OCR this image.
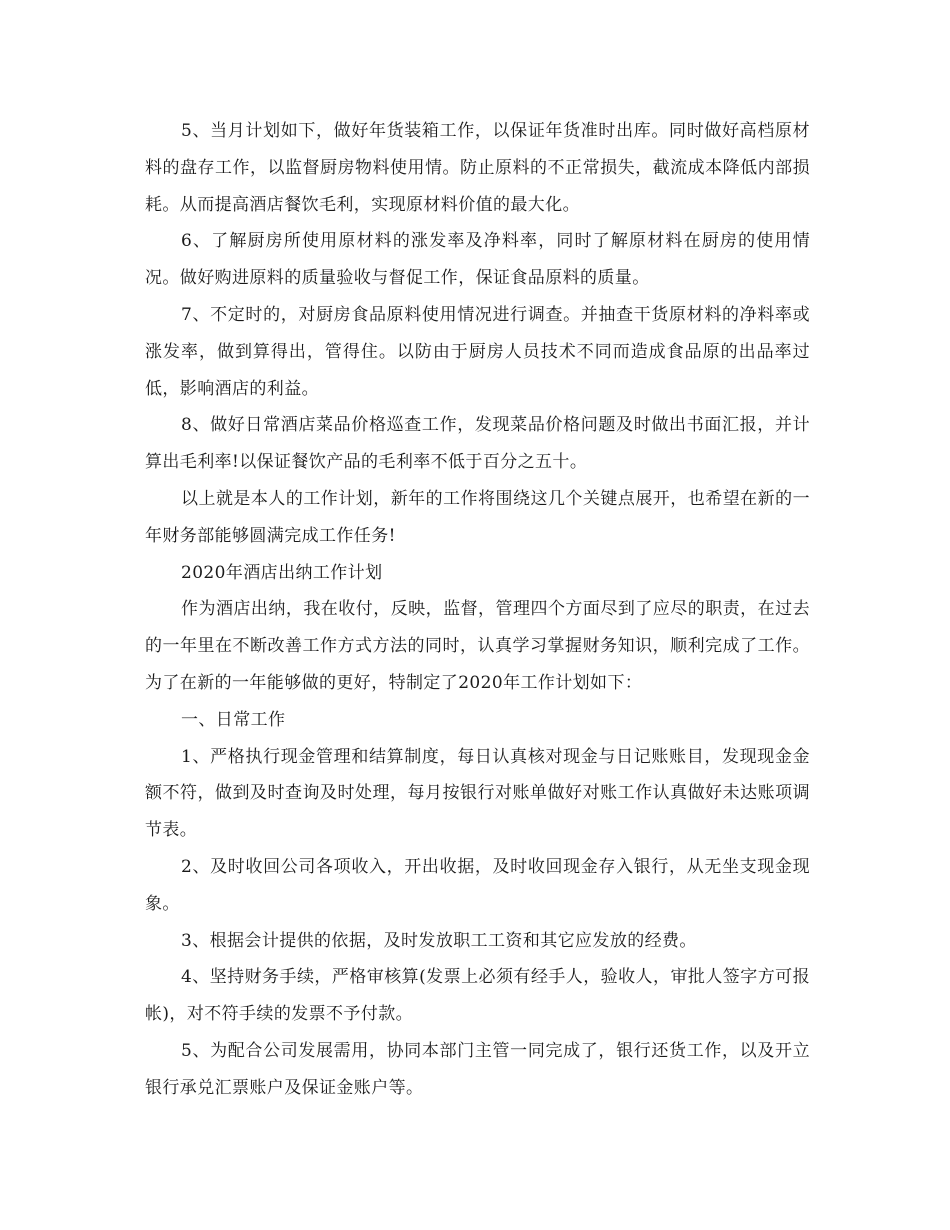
5、当月计划如下，做好年货装箱工作，以保证年货准时出库。同时做好高档原材料的盘存工作，以监督厨房物料使用情。防止原料的不正常损失，截流成本降低内部损耗。从而提高酒店餐饮毛利，实现原材料价值的最大化。

6、了解厨房所使用原材料的涨发率及净料率，同时了解原材料在厨房的使用情况。做好购进原料的质量验收与督促工作，保证食品原料的质量。

7、不定时的，对厨房食品原料使用情况进行调查。并抽查干货原材料的净料率或涨发率，做到算得出，管得住。以防由于厨房人员技术不同而造成食品原的出品率过低，影响酒店的利益。

8、做好日常酒店菜品价格巡查工作，发现菜品价格问题及时做出书面汇报，并计算出毛利率!以保证餐饮产品的毛利率不低于百分之五十。

以上就是本人的工作计划，新年的工作将围绕这几个关键点展开，也希望在新的一年财务部能够圆满完成工作任务!

2020年酒店出纳工作计划

作为酒店出纳，我在收付，反映，监督，管理四个方面尽到了应尽的职责，在过去的一年里在不断改善工作方式方法的同时，认真学习掌握财务知识，顺利完成了工作。为了在新的一年能够做的更好，特制定了2020年工作计划如下：

一、日常工作

1、严格执行现金管理和结算制度，每日认真核对现金与日记账账目，发现现金金额不符，做到及时查询及时处理，每月按银行对账单做好对账工作认真做好未达账项调节表。

2、及时收回公司各项收入，开出收据，及时收回现金存入银行，从无坐支现金现象。

3、根据会计提供的依据，及时发放职工工资和其它应发放的经费。

4、坚持财务手续，严格审核算(发票上必须有经手人，验收人，审批人签字方可报帐)，对不符手续的发票不予付款。

5、为配合公司发展需用，协同本部门主管一同完成了，银行还货工作，以及开立银行承兑汇票账户及保证金账户等。
